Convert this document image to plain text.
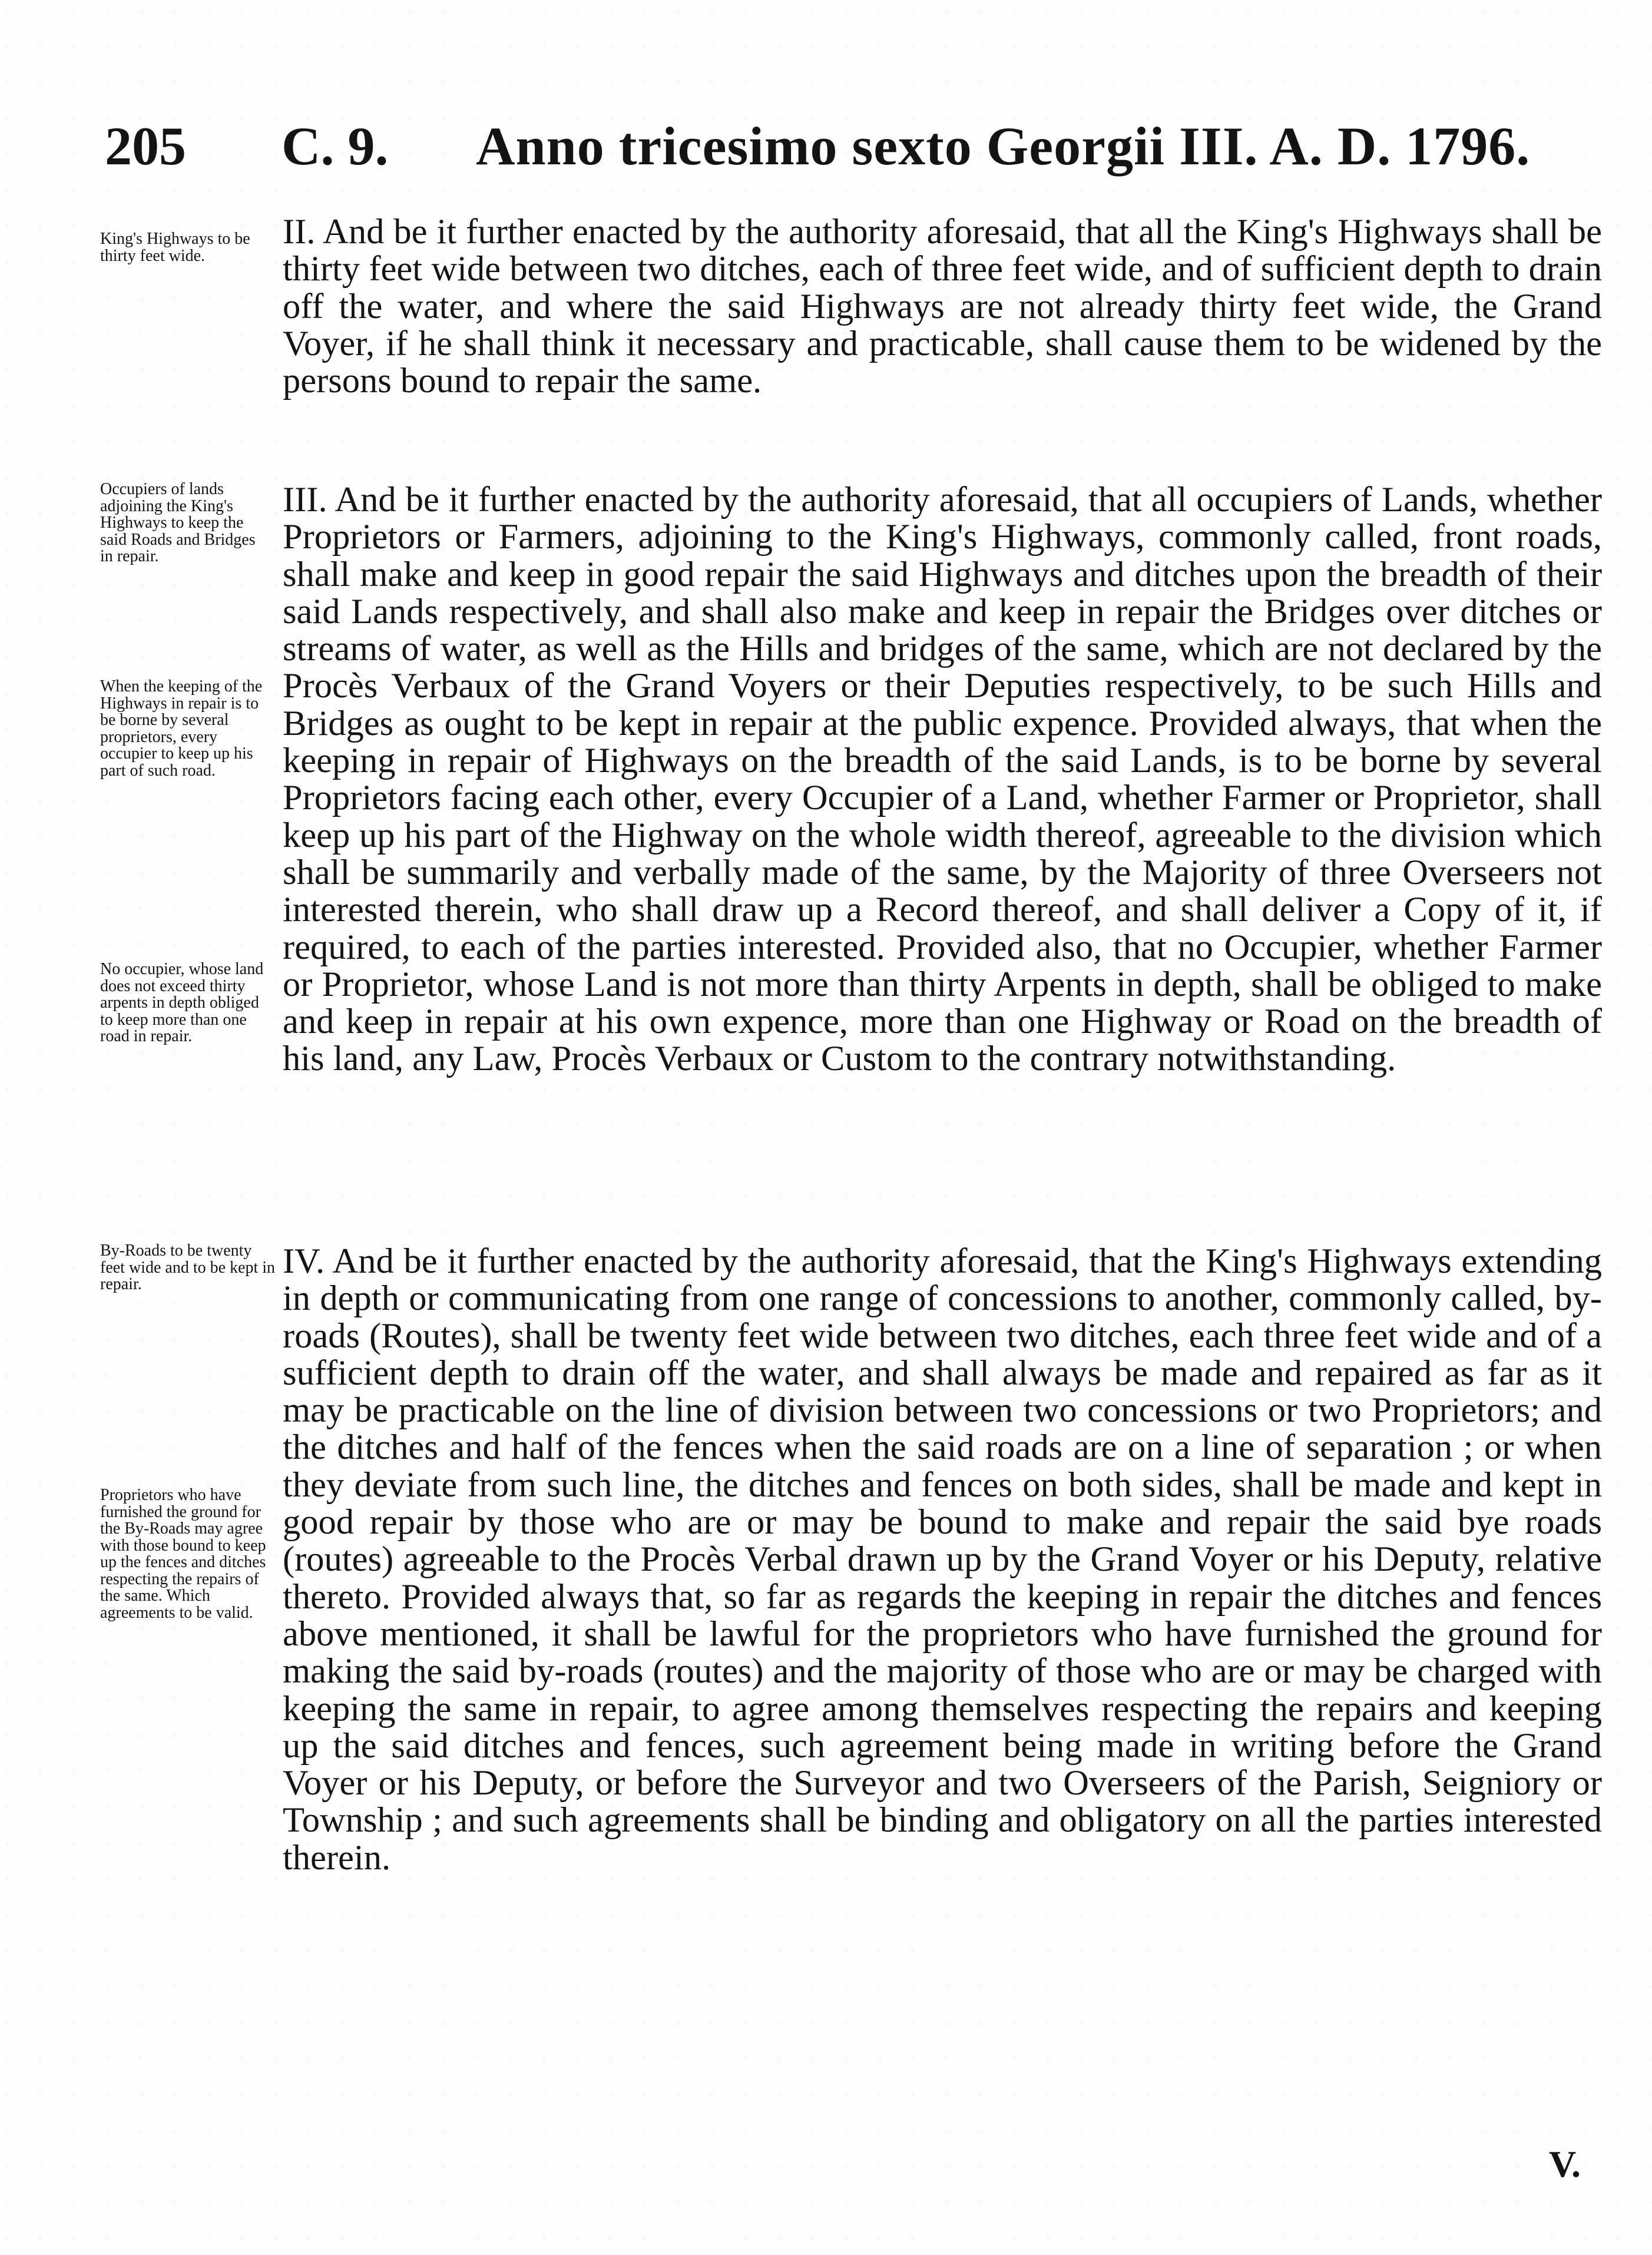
205 C. 9. Anno tricesimo sexto Georgii III. A. D. 1796.
King's Highways to be thirty feet wide.

II. And be it further enacted by the authority aforesaid, that all the King's Highways shall be thirty feet wide between two ditches, each of three feet wide, and of sufficient depth to drain off the water, and where the said Highways are not already thirty feet wide, the Grand Voyer, if he shall think it necessary and practicable, shall cause them to be widened by the persons bound to repair the same.

Occupiers of lands adjoining the King's Highways to keep the said Roads and Bridges in repair.
When the keeping of the Highways in repair is to be borne by several proprietors, every occupier to keep up his part of such road.
No occupier, whose land does not exceed thirty arpents in depth obliged to keep more than one road in repair.

III. And be it further enacted by the authority aforesaid, that all occupiers of Lands, whether Proprietors or Farmers, adjoining to the King's Highways, commonly called, front roads, shall make and keep in good repair the said Highways and ditches upon the breadth of their said Lands respectively, and shall also make and keep in repair the Bridges over ditches or streams of water, as well as the Hills and bridges of the same, which are not declared by the Procès Verbaux of the Grand Voyers or their Deputies respectively, to be such Hills and Bridges as ought to be kept in repair at the public expence. Provided always, that when the keeping in repair of Highways on the breadth of the said Lands, is to be borne by several Proprietors facing each other, every Occupier of a Land, whether Farmer or Proprietor, shall keep up his part of the Highway on the whole width thereof, agreeable to the division which shall be summarily and verbally made of the same, by the Majority of three Overseers not interested therein, who shall draw up a Record thereof, and shall deliver a Copy of it, if required, to each of the parties interested. Provided also, that no Occupier, whether Farmer or Proprietor, whose Land is not more than thirty Arpents in depth, shall be obliged to make and keep in repair at his own expence, more than one Highway or Road on the breadth of his land, any Law, Procès Verbaux or Custom to the contrary notwithstanding.

By-Roads to be twenty feet wide and to be kept in repair.
Proprietors who have furnished the ground for the By-Roads may agree with those bound to keep up the fences and ditches respecting the repairs of the same. Which agreements to be valid.

IV. And be it further enacted by the authority aforesaid, that the King's Highways extending in depth or communicating from one range of concessions to another, commonly called, by-roads (Routes), shall be twenty feet wide between two ditches, each three feet wide and of a sufficient depth to drain off the water, and shall always be made and repaired as far as it may be practicable on the line of division between two concessions or two Proprietors; and the ditches and half of the fences when the said roads are on a line of separation ; or when they deviate from such line, the ditches and fences on both sides, shall be made and kept in good repair by those who are or may be bound to make and repair the said bye roads (routes) agreeable to the Procès Verbal drawn up by the Grand Voyer or his Deputy, relative thereto. Provided always that, so far as regards the keeping in repair the ditches and fences above mentioned, it shall be lawful for the proprietors who have furnished the ground for making the said by-roads (routes) and the majority of those who are or may be charged with keeping the same in repair, to agree among themselves respecting the repairs and keeping up the said ditches and fences, such agreement being made in writing before the Grand Voyer or his Deputy, or before the Surveyor and two Overseers of the Parish, Seigniory or Township ; and such agreements shall be binding and obligatory on all the parties interested therein.

V.
